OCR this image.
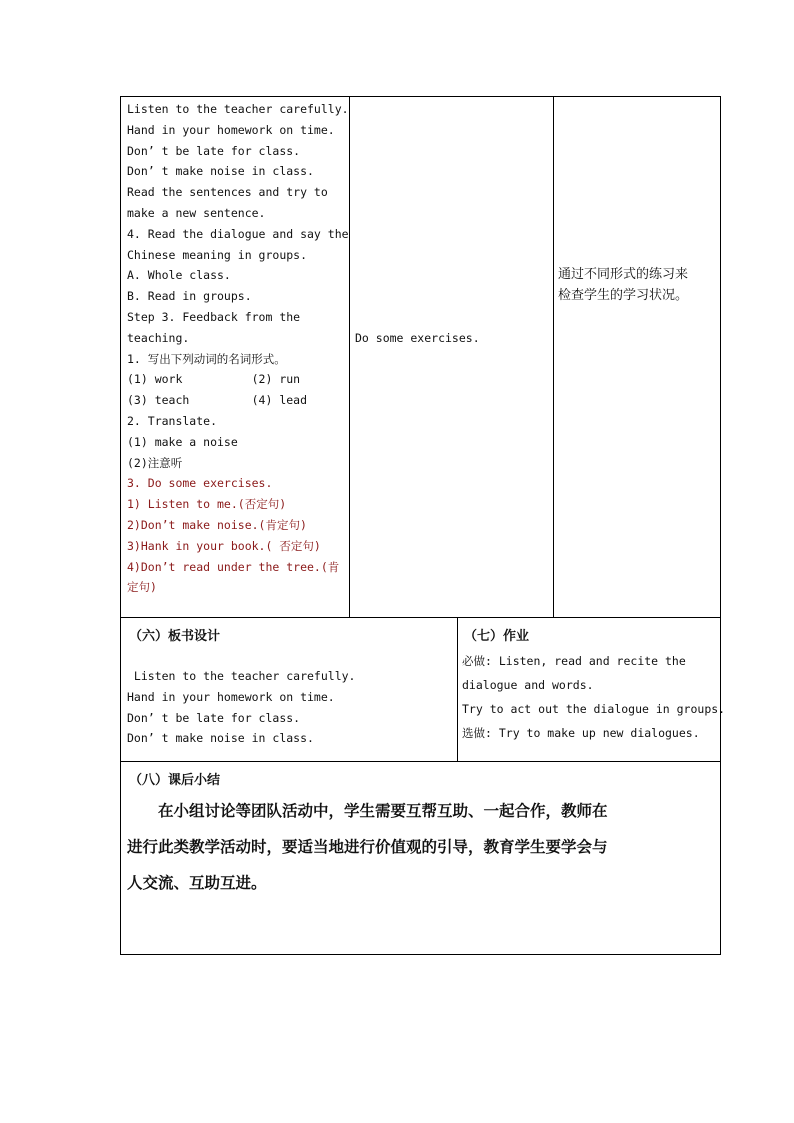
Listen to the teacher carefully.
Hand in your homework on time.
Don’ t be late for class.
Don’ t make noise in class.
Read the sentences and try to
make a new sentence.
4. Read the dialogue and say the
Chinese meaning in groups.
A. Whole class.
B. Read in groups.
Step 3. Feedback from the
teaching.
1. 写出下列动词的名词形式。
(1) work          (2) run
(3) teach         (4) lead
2. Translate.
(1) make a noise
(2)注意听
3. Do some exercises.
1) Listen to me.(否定句)
2)Don’t make noise.(肯定句)
3)Hank in your book.( 否定句)
4)Don’t read under the tree.(肯
定句)
Do some exercises.
通过不同形式的练习来
检查学生的学习状况。
（六）板书设计
Listen to the teacher carefully.
Hand in your homework on time.
Don’ t be late for class.
Don’ t make noise in class.
（七）作业
必做: Listen, read and recite the
dialogue and words.
Try to act out the dialogue in groups.
选做: Try to make up new dialogues.
（八）课后小结
　　在小组讨论等团队活动中，学生需要互帮互助、一起合作，教师在
进行此类教学活动时，要适当地进行价值观的引导，教育学生要学会与
人交流、互助互进。
